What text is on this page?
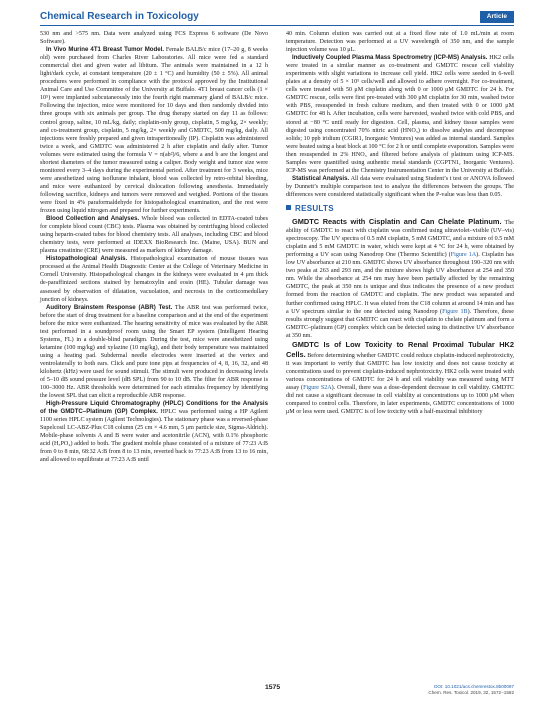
Chemical Research in Toxicology	Article

530 nm and >575 nm. Data were analyzed using FCS Express 6 software (De Novo Software).

In Vivo Murine 4T1 Breast Tumor Model. Female BALB/c mice (17–20 g, 8 weeks old) were purchased from Charles River Laboratories. All mice were fed a standard commercial diet and given water ad libitum. The animals were maintained in a 12 h light/dark cycle, at constant temperature (20 ± 1 °C) and humidity (50 ± 5%). All animal procedures were performed in compliance with the protocol approved by the Institutional Animal Care and Use Committee of the University at Buffalo. 4T1 breast cancer cells (1 × 10⁵) were implanted subcutaneously into the fourth right mammary gland of BALB/c mice. Following the injection, mice were monitored for 10 days and then randomly divided into three groups with six animals per group. The drug therapy started on day 11 as follows: control group, saline, 10 mL/kg, daily; cisplatin-only group, cisplatin, 5 mg/kg, 2× weekly; and co-treatment group, cisplatin, 5 mg/kg, 2× weekly and GMDTC, 500 mg/kg, daily. All injections were freshly prepared and given intraperitoneally (IP). Cisplatin was administered twice a week, and GMDTC was administered 2 h after cisplatin and daily after. Tumor volumes were estimated using the formula V = π(ab²)/6, where a and b are the longest and shortest diameters of the tumor measured using a caliper. Body weight and tumor size were monitored every 3–4 days during the experimental period. After treatment for 3 weeks, mice were anesthetized using isoflurane inhalant, blood was collected by retro-orbital bleeding, and mice were euthanized by cervical dislocation following anesthesia. Immediately following sacrifice, kidneys and tumors were removed and weighed. Portions of the tissues were fixed in 4% paraformaldehyde for histopathological examination, and the rest were frozen using liquid nitrogen and prepared for further experiments.

Blood Collection and Analyses. Whole blood was collected in EDTA-coated tubes for complete blood count (CBC) tests. Plasma was obtained by centrifuging blood collected using heparin-coated tubes for blood chemistry tests. All analyses, including CBC and blood chemistry tests, were performed at IDEXX BioResearch Inc. (Maine, USA). BUN and plasma creatinine (CRE) were measured as markers of kidney damage.

Histopathological Analysis. Histopathological examination of mouse tissues was processed at the Animal Health Diagnostic Center at the College of Veterinary Medicine in Cornell University. Histopathological changes in the kidneys were evaluated in 4 μm thick de-paraffinized sections stained by hematoxylin and eosin (HE). Tubular damage was assessed by observation of dilatation, vacuolation, and necrosis in the corticomedullary junction of kidneys.

Auditory Brainstem Response (ABR) Test. The ABR test was performed twice, before the start of drug treatment for a baseline comparison and at the end of the experiment before the mice were euthanized. The hearing sensitivity of mice was evaluated by the ABR test performed in a soundproof room using the Smart EP system (Intelligent Hearing Systems, FL) in a double-blind paradigm. During the test, mice were anesthetized using ketamine (100 mg/kg) and xylazine (10 mg/kg), and their body temperature was maintained using a heating pad. Subdermal needle electrodes were inserted at the vertex and ventrolaterally to both ears. Click and pure tone pips at frequencies of 4, 8, 16, 32, and 48 kilohertz (kHz) were used for sound stimuli. The stimuli were produced in decreasing levels of 5–10 dB sound pressure level (dB SPL) from 90 to 10 dB. The filter for ABR response is 100–3000 Hz. ABR thresholds were determined for each stimulus frequency by identifying the lowest SPL that can elicit a reproducible ABR response.

High-Pressure Liquid Chromatography (HPLC) Conditions for the Analysis of the GMDTC–Platinum (GP) Complex. HPLC was performed using a HP Agilent 1100 series HPLC system (Agilent Technologies). The stationary phase was a reversed-phase Supelcosil LC-ABZ-Plus C18 column (25 cm × 4.6 mm, 5 μm particle size, Sigma-Aldrich). Mobile-phase solvents A and B were water and acetonitrile (ACN), with 0.1% phosphoric acid (H₃PO₄) added to both. The gradient mobile phase consisted of a mixture of 77:23 A:B from 0 to 8 min, 68:32 A:B from 8 to 13 min, reverted back to 77:23 A:B from 13 to 16 min, and allowed to equilibrate at 77:23 A:B until

40 min. Column elution was carried out at a fixed flow rate of 1.0 mL/min at room temperature. Detection was performed at a UV wavelength of 350 nm, and the sample injection volume was 10 μL.

Inductively Coupled Plasma Mass Spectrometry (ICP-MS) Analysis. HK2 cells were treated in a similar manner as co-treatment and GMDTC rescue cell viability experiments with slight variations to increase cell yield. HK2 cells were seeded in 6-well plates at a density of 5 × 10⁵ cells/well and allowed to adhere overnight. For co-treatment, cells were treated with 50 μM cisplatin along with 0 or 1000 μM GMDTC for 24 h. For GMDTC rescue, cells were first pre-treated with 300 μM cisplatin for 30 min, washed twice with PBS, resuspended in fresh culture medium, and then treated with 0 or 1000 μM GMDTC for 48 h. After incubation, cells were harvested, washed twice with cold PBS, and stored at −80 °C until ready for digestion. Cell, plasma, and kidney tissue samples were digested using concentrated 70% nitric acid (HNO₃) to dissolve analytes and decompose solids; 10 ppb iridium (CGIR1, Inorganic Ventures) was added as internal standard. Samples were heated using a heat block at 100 °C for 2 h or until complete evaporation. Samples were then resuspended in 2% HNO₃ and filtered before analysis of platinum using ICP-MS. Samples were quantified using authentic metal standards (CGPTN1, Inorganic Ventures). ICP-MS was performed at the Chemistry Instrumentation Center in the University at Buffalo.

Statistical Analysis. All data were evaluated using Student’s t test or ANOVA followed by Dunnett’s multiple comparison test to analyze the differences between the groups. The differences were considered statistically significant when the P-value was less than 0.05.

RESULTS

GMDTC Reacts with Cisplatin and Can Chelate Platinum. The ability of GMDTC to react with cisplatin was confirmed using ultraviolet–visible (UV–vis) spectroscopy. The UV spectra of 0.5 mM cisplatin, 5 mM GMDTC, and a mixture of 0.5 mM cisplatin and 5 mM GMDTC in water, which were kept at 4 °C for 24 h, were obtained by performing a UV scan using Nanodrop One (Thermo Scientific) (Figure 1A). Cisplatin has low UV absorbance at 210 nm. GMDTC shows UV absorbance throughout 190–320 nm with two peaks at 263 and 293 nm, and the mixture shows high UV absorbance at 254 and 350 nm. While the absorbance at 254 nm may have been partially affected by the remaining GMDTC, the peak at 350 nm is unique and thus indicates the presence of a new product formed from the reaction of GMDTC and cisplatin. The new product was separated and further confirmed using HPLC. It was eluted from the C18 column at around 14 min and has a UV spectrum similar to the one detected using Nanodrop (Figure 1B). Therefore, these results strongly suggest that GMDTC can react with cisplatin to chelate platinum and form a GMDTC–platinum (GP) complex which can be detected using its distinctive UV absorbance at 350 nm.

GMDTC Is of Low Toxicity to Renal Proximal Tubular HK2 Cells. Before determining whether GMDTC could reduce cisplatin-induced nephrotoxicity, it was important to verify that GMDTC has low toxicity and does not cause toxicity at concentrations used to prevent cisplatin-induced nephrotoxicity. HK2 cells were treated with various concentrations of GMDTC for 24 h and cell viability was measured using MTT assay (Figure S2A). Overall, there was a dose-dependent decrease in cell viability. GMDTC did not cause a significant decrease in cell viability at concentrations up to 1000 μM when compared to control cells. Therefore, in later experiments, GMDTC concentrations of 1000 μM or less were used. GMDTC is of low toxicity with a half-maximal inhibitory

1575	DOI: 10.1021/acs.chemrestox.8b00097
Chem. Res. Toxicol. 2019, 32, 1572−1582
